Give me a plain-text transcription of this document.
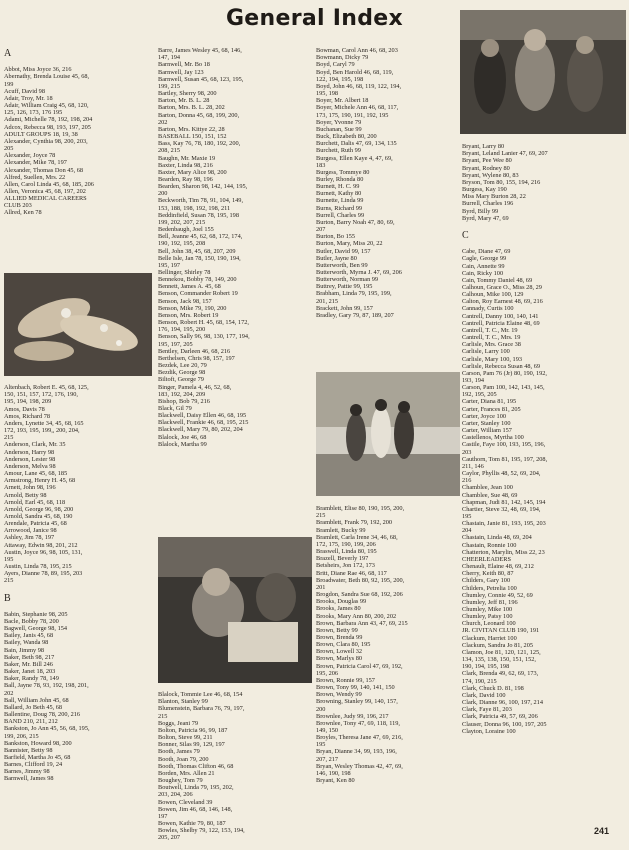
General Index

A

Abbot, Miss Joyce 36, 216
Abernathy, Brenda Louise 45, 68,
199
Acuff, David 98
Adair, Troy, Mr. 18
Adair, William Craig 45, 68, 120,
125, 126, 173, 176 195
Adami, Michelle 78, 192, 198, 204
Adcox, Rebecca 98, 193, 197, 205
ADULT GROUPS 18, 19, 38
Alexander, Cynthia 98, 200, 203,
205
Alexander, Joyce 78
Alexander, Mike 78, 197
Alexander, Thomas Don 45, 68
Alfred, Suellen, Mrs. 22
Allen, Carol Linda 45, 68, 185, 206
Allen, Veronica 45, 68, 197, 202
ALLIED MEDICAL CAREERS
CLUB 203
Allred, Ken 78

Altenbach, Robert E. 45, 68, 125,
150, 151, 157, 172, 176, 190,
195, 194, 198, 209
Amos, Davis 78
Amos, Richard 78
Anders, Lynette 34, 45, 68, 165
172, 193, 195, 199,, 200, 204,
215
Anderson, Clark, Mr. 35
Anderson, Harry 98
Anderson, Lester 98
Anderson, Melva 98
Amour, Lane 45, 68, 185
Armstrong, Henry H. 45, 68
Arnett, John 98, 196
Arnold, Betty 98
Arnold, Earl 45, 68, 118
Arnold, George 96, 98, 200
Arnold, Sandra 45, 68, 190
Arendale, Patricia 45, 68
Arrowood, Janice 98
Ashley, Jim 78, 197
Attaway, Edwin 98, 201, 212
Austin, Joyce 96, 98, 105, 131,
195
Austin, Linda 78, 195, 215
Ayers, Dianne 78, 89, 195, 203
215

B

Babin, Stephanie 98, 205
Bacle, Bobby 78, 200
Bagwell, George 98, 154
Bailey, Janis 45, 68
Bailey, Wanda 98
Bain, Jimmy 98
Baker, Beth 98, 217
Baker, Mr. Bill 246
Baker, Janet 18, 203
Baker, Randy 78, 149
Ball, Jayne 78, 93, 192, 198, 201,
202
Ball, William John 45, 68
Ballard, Jo Beth 45, 68
Ballentine, Doug 78, 200, 216
BAND 210, 211, 212
Bankston, Jo Ann 45, 56, 68, 195,
199, 206, 215
Bankston, Howard 98, 200
Bannister, Betty 98
Barfield, Martha Jo 45, 68
Barnes, Clifford 19, 24
Barnes, Jimmy 98
Barnwell, James 98

Barre, James Wesley 45, 68, 146,
147, 194
Barnwell, Mr. Bo 18
Barnwell, Jay 123
Barnwell, Susan 45, 68, 123, 195,
199, 215
Bartley, Sherry 98, 200
Barton, Mr. B. L. 28
Barton, Mrs. B. L. 28, 202
Barton, Donna 45, 68, 199, 200,
202
Barton, Mrs. Kittye 22, 28
BASEBALL 150, 151, 152
Bass, Kay 76, 78, 180, 192, 200,
208, 215
Baughn, Mr. Maxie 19
Baxter, Linda 98, 216
Baxter, Mary Alice 98, 200
Bearden, Ray 98, 196
Bearden, Sharon 98, 142, 144, 195,
200
Beckworth, Tim 78, 91, 104, 149,
153, 188, 198, 192, 198, 211
Beddinfield, Susan 78, 195, 198
199, 202, 207, 215
Bedenbaugh, Joel 155
Bell, Jeanne 45, 62, 68, 172, 174,
190, 192, 195, 208
Bell, John 38, 45, 68, 207, 209
Belle Isle, Jan 78, 150, 190, 194,
195, 197
Bellinger, Shirley 78
Bennekou, Bobby 78, 149, 200
Bennett, James A. 45, 68
Benson, Commander Robert 19
Benson, Jack 98, 157
Benson, Mike 79, 190, 200
Benson, Mrs. Robert 19
Benson, Robert H. 45, 68, 154, 172,
176, 194, 195, 200
Benson, Sally 96, 98, 130, 177, 194,
195, 197, 205
Bentley, Darleen 46, 68, 216
Berthelsen, Chris 98, 157, 197
Bezdek, Lee 20, 79
Bezdik, George 98
Biltoft, George 79
Binger, Pamela 4, 46, 52, 68,
183, 192, 204, 209
Bishop, Bob 79, 216
Black, Gil 79
Blackwell, Daisy Ellen 46, 68, 195
Blackwell, Frankie 46, 68, 195, 215
Blackwell, Mary 79, 80, 202, 204
Blalock, Joe 46, 68
Blalock, Martha 99

Blalock, Tommie Lee 46, 68, 154
Blanton, Stanley 99
Blumenstein, Barbara 76, 79, 197,
215
Boggs, Jeani 79
Bolton, Patricia 96, 99, 187
Bolton, Steve 99, 211
Bonner, Silas 99, 129, 197
Booth, James 79
Booth, Joan 79, 200
Booth, Thomas Clifton 46, 68
Borden, Mrs. Allen 21
Boughey, Tom 79
Boutwell, Linda 79, 195, 202,
203, 204, 206
Bowen, Cleveland 39
Bowen, Jim 46, 68, 146, 148,
197
Bowen, Kathie 79, 80, 187
Bowles, Shelby 79, 122, 153, 194,
205, 207

Bowman, Carol Ann 46, 68, 203
Bowmann, Dicky 79
Boyd, Caryl 79
Boyd, Ben Harold 46, 68, 119,
122, 194, 195, 198
Boyd, John 46, 68, 119, 122, 194,
195, 198
Boyer, Mr. Albert 18
Boyer, Michele Ann 46, 68, 117,
173, 175, 190, 191, 192, 195
Boyer, Yvonne 79
Buchanan, Sue 99
Buck, Elizabeth 80, 200
Burchett, Dalis 47, 69, 134, 135
Burchett, Ruth 99
Burgess, Ellen Kaye 4, 47, 69,
183
Burgess, Tommye 80
Burley, Rhonda 80
Burnett, H. C. 99
Burnett, Kathy 80
Burnette, Linda 99
Burns, Richard 99
Burrell, Charles 99
Burton, Barry Noah 47, 80, 69,
207
Burton, Bo 155
Burton, Mary, Miss 20, 22
Butler, David 99, 157
Butler, Jayne 80
Butterworth, Ben 99
Butterworth, Myrna J. 47, 69, 206
Butterworth, Norman 99
Buttrey, Pattie 99, 195
Brabham, Linda 79, 195, 199,
201, 215
Brackett, John 99, 157
Bradley, Gary 79, 87, 189, 207

Bramblett, Elise 80, 190, 195, 200,
215
Bramblett, Frank 79, 192, 200
Bramlett, Bucky 99
Bramlett, Carla Irene 34, 46, 68,
172, 175, 190, 199, 206
Braswell, Linda 80, 195
Brazell, Beverly 197
Betsheirs, Jon 172, 173
Britt, Diane Rae 46, 68, 117
Broadwater, Beth 80, 92, 195, 200,
201
Brogdon, Sandra Sue 68, 192, 206
Brooks, Douglas 99
Brooks, James 80
Brooks, Mary Ann 80, 200, 202
Brown, Barbara Ann 43, 47, 69, 215
Brown, Betty 99
Brown, Brenda 99
Brown, Clara 80, 195
Brown, Lowell 32
Brown, Marlys 80
Brown, Patricia Carol 47, 69, 192,
195, 206
Brown, Ronnie 99, 157
Brown, Tony 99, 140, 141, 150
Brown, Wendy 99
Browning, Stanley 99, 140, 157,
200
Brownlee, Judy 99, 196, 217
Brownlee, Tony 47, 69, 118, 119,
149, 150
Broyles, Theresa Jane 47, 69, 216,
195
Bryan, Dianne 34, 99, 193, 196,
207, 217
Bryan, Wesley Thomas 42, 47, 69,
146, 190, 198
Bryant, Ken 80

Bryant, Larry 80
Bryant, Leland Lanier 47, 69, 207
Bryant, Pee Wee 80
Bryant, Rodney 80
Bryant, Wylene 80, 83
Bryson, Tom 80, 155, 194, 216
Burgess, Kay 190
Miss Mary Burton 28, 22
Burrell, Charles 196
Byrd, Billy 99
Byrd, Mary 47, 69

C

Cabe, Diane 47, 69
Cagle, George 99
Cain, Annette 99
Cain, Ricky 100
Cain, Tommy Daniel 48, 69
Calhoun, Grace O., Miss 28, 29
Calhoun, Mike 100, 129
Calton, Roy Earnest 48, 69, 216
Cannady, Curtis 100
Cantrell, Danny 100, 140, 141
Cantrell, Patricia Elaine 48, 69
Cantrell, T. C., Mr. 19
Cantrell, T. C., Mrs. 19
Carlisle, Mrs. Grace 38
Carlisle, Larry 100
Carlisle, Mary 100, 193
Carlisle, Rebecca Susan 48, 69
Carson, Pam 76 (Jr) 80, 190, 192,
193, 194
Carson, Pam 100, 142, 143, 145,
192, 195, 205
Carter, Diana 81, 195
Carter, Frances 81, 205
Carter, Joyce 100
Carter, Stanley 100
Carter, William 157
Castellenos, Myrtha 100
Castile, Faye 100, 193, 195, 196,
203
Cauthorn, Tom 81, 195, 197, 208,
211, 146
Caylor, Phyllis 48, 52, 69, 204,
216
Chamblee, Jean 100
Chamblee, Sue 48, 69
Chapman, Judi 81, 142, 145, 194
Chartier, Steve 32, 48, 69, 194,
195
Chastain, Janie 81, 193, 195, 203
204
Chastain, Linda 48, 69, 204
Chastain, Ronnie 100
Chatterton, Marylin, Miss 22, 23
CHEERLEADERS
Chenault, Elaine 48, 69, 212
Cherry, Keith 80, 87
Childers, Gary 100
Childers, Petrelia 100
Chumley, Connie 49, 52, 69
Chumley, Jeff 81, 196
Chumley, Mike 100
Chumley, Patsy 100
Church, Leonard 100
JR. CIVITAN CLUB 190, 191
Clackum, Harriet 100
Clackum, Sandra Jo 81, 205
Clamon, Joe 81, 120, 121, 125,
134, 135, 138, 150, 151, 152,
190, 194, 195, 198
Clark, Brenda 49, 62, 69, 173,
174, 190, 215
Clark, Chuck D. 81, 198
Clark, David 100
Clark, Dianne 96, 100, 197, 214
Clark, Faye 81, 203
Clark, Patricia 49, 57, 69, 206
Clauser, Donna 96, 100, 197, 205
Clayton, Loraine 100

241
